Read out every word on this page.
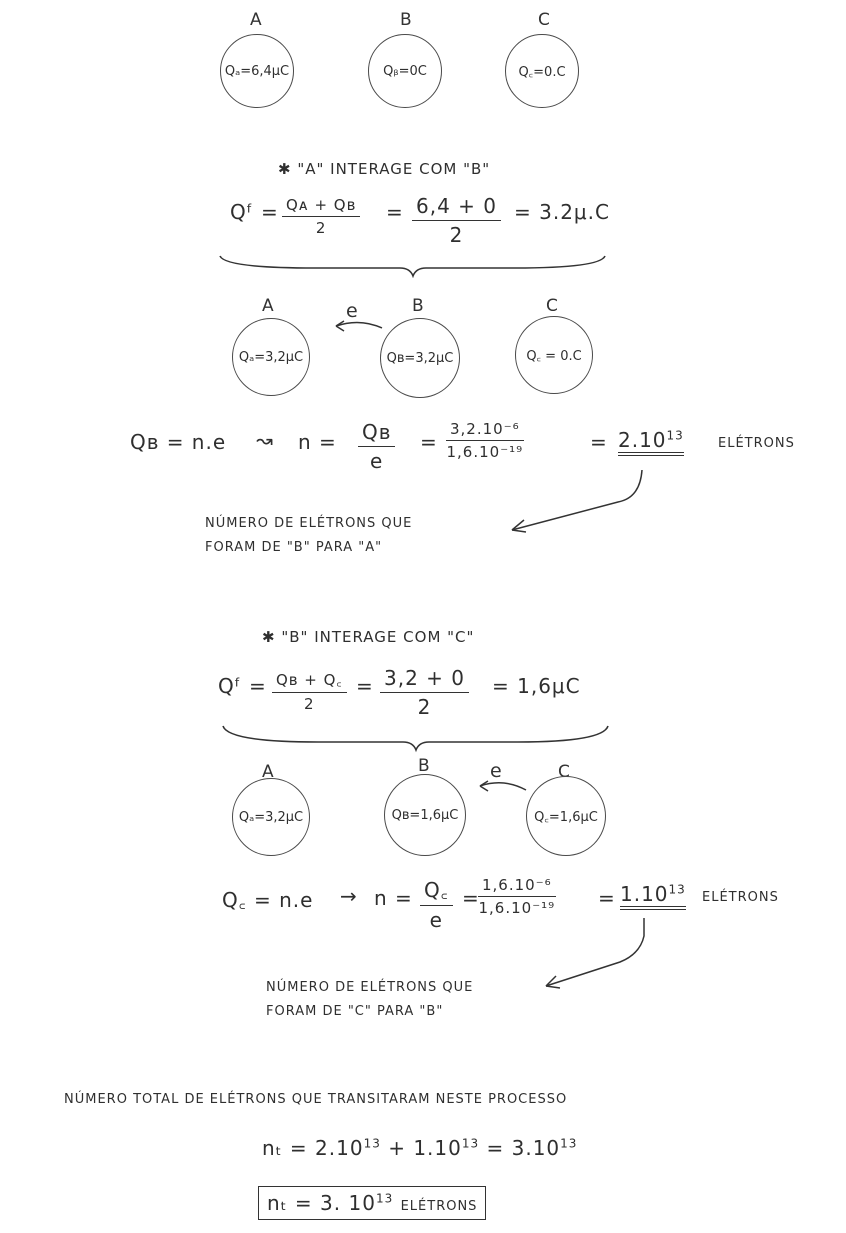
A	B	C
Qₐ=6,4μC	Qᵦ=0C	Q꜀=0.C
✱ "A" INTERAGE COM "B"
Qᶠ = $\frac{\text{Qᴀ + Qʙ}}{2} = \frac{6,4 + 0}{2} = 3.2\mu.C$
A	B	C
e
Qₐ=3,2μC	Qʙ=3,2μC	Q꜀ = 0.C
Qʙ = n.e ↝ $n = \frac{\text{Qʙ}}{e} = \frac{\text{3,2.10⁻⁶}}{\text{1,6.10⁻¹⁹}}$	= $2.10^{13}$
ELÉTRONS
NÚMERO DE ELÉTRONS QUE
FORAM DE "B" PARA "A"
✱ "B" INTERAGE COM "C"
Qᶠ = $\frac{\text{Qʙ + Q꜀}}{2} = \frac{3,2 + 0}{2} = 1,6\mu C$
A	B	C
e
Qₐ=3,2μC	Qʙ=1,6μC	Q꜀=1,6μC
Q꜀ = $n.e \to n = \frac{Q꜀}{e}$ =
$\frac{\text{1,6.10⁻⁶}}{\text{1,6.10⁻¹⁹}} = 1.10^{13}$
ELÉTRONS
NÚMERO DE ELÉTRONS QUE
FORAM DE "C" PARA "B"
NÚMERO TOTAL DE ELÉTRONS QUE TRANSITARAM NESTE PROCESSO
$n_t = 2.10^{13} + 1.10^{13} = 3.10^{13}$
nₜ = 3. $10^{13}$ ELÉTRONS
